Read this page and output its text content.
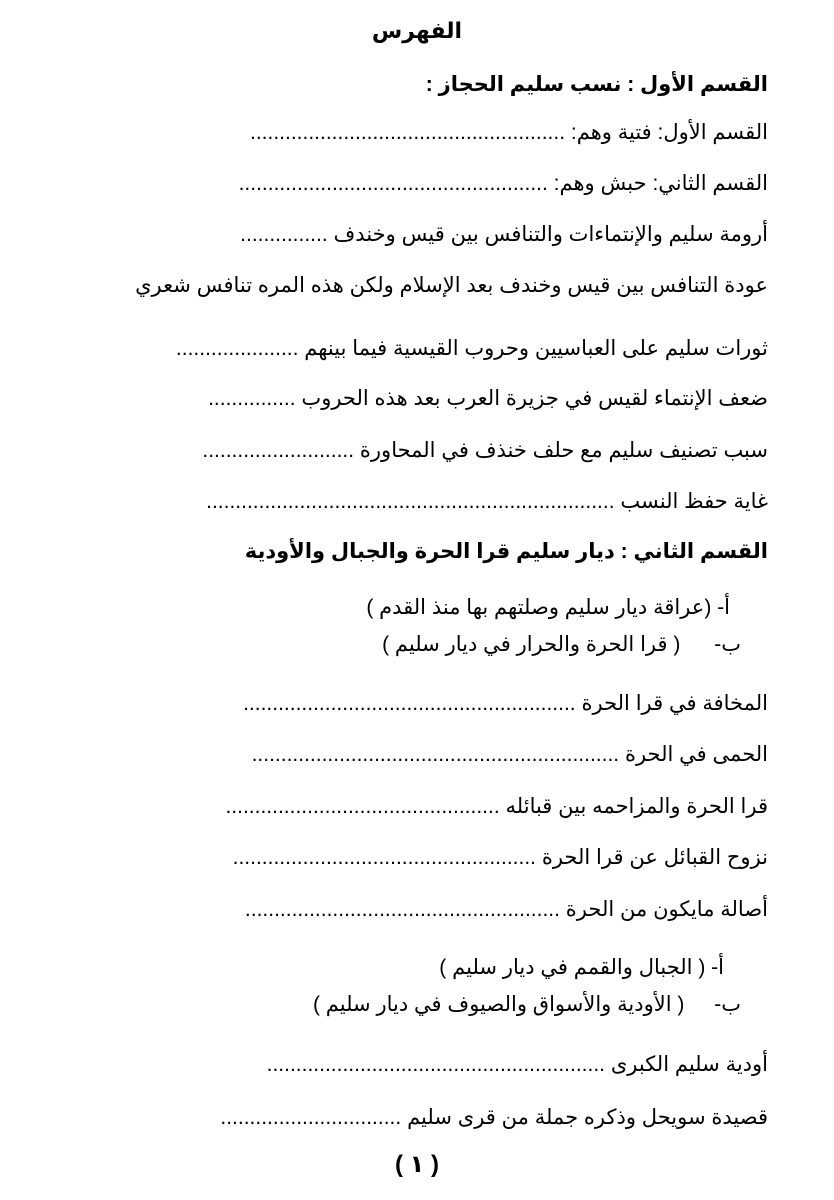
الفهرس
القسم الأول : نسب سليم الحجاز :
القسم الأول: فتية وهم: ......................................................
القسم الثاني: حبش وهم: .....................................................
أرومة سليم والإنتماءات والتنافس بين قيس وخندف ...............
عودة التنافس بين قيس وخندف بعد الإسلام ولكن هذه المره تنافس شعري
ثورات سليم على العباسيين وحروب القيسية فيما بينهم .....................
ضعف الإنتماء لقيس في جزيرة العرب بعد هذه الحروب ...............
سبب تصنيف سليم مع حلف خنذف في المحاورة ..........................
غاية حفظ النسب ......................................................................
القسم الثاني : ديار سليم قرا الحرة والجبال والأودية
أ- (عراقة ديار سليم وصلتهم بها منذ القدم )
ب- ( قرا الحرة والحرار في ديار سليم )
المخافة في قرا الحرة .........................................................
الحمى في الحرة ...............................................................
قرا الحرة والمزاحمه بين قبائله ...............................................
نزوح القبائل عن قرا الحرة ....................................................
أصالة مايكون من الحرة ......................................................
أ- ( الجبال والقمم في ديار سليم )
ب- ( الأودية والأسواق والصيوف في ديار سليم )
أودية سليم الكبرى ..........................................................
قصيدة سويحل وذكره جملة من قرى سليم ...............................
( ١ )
